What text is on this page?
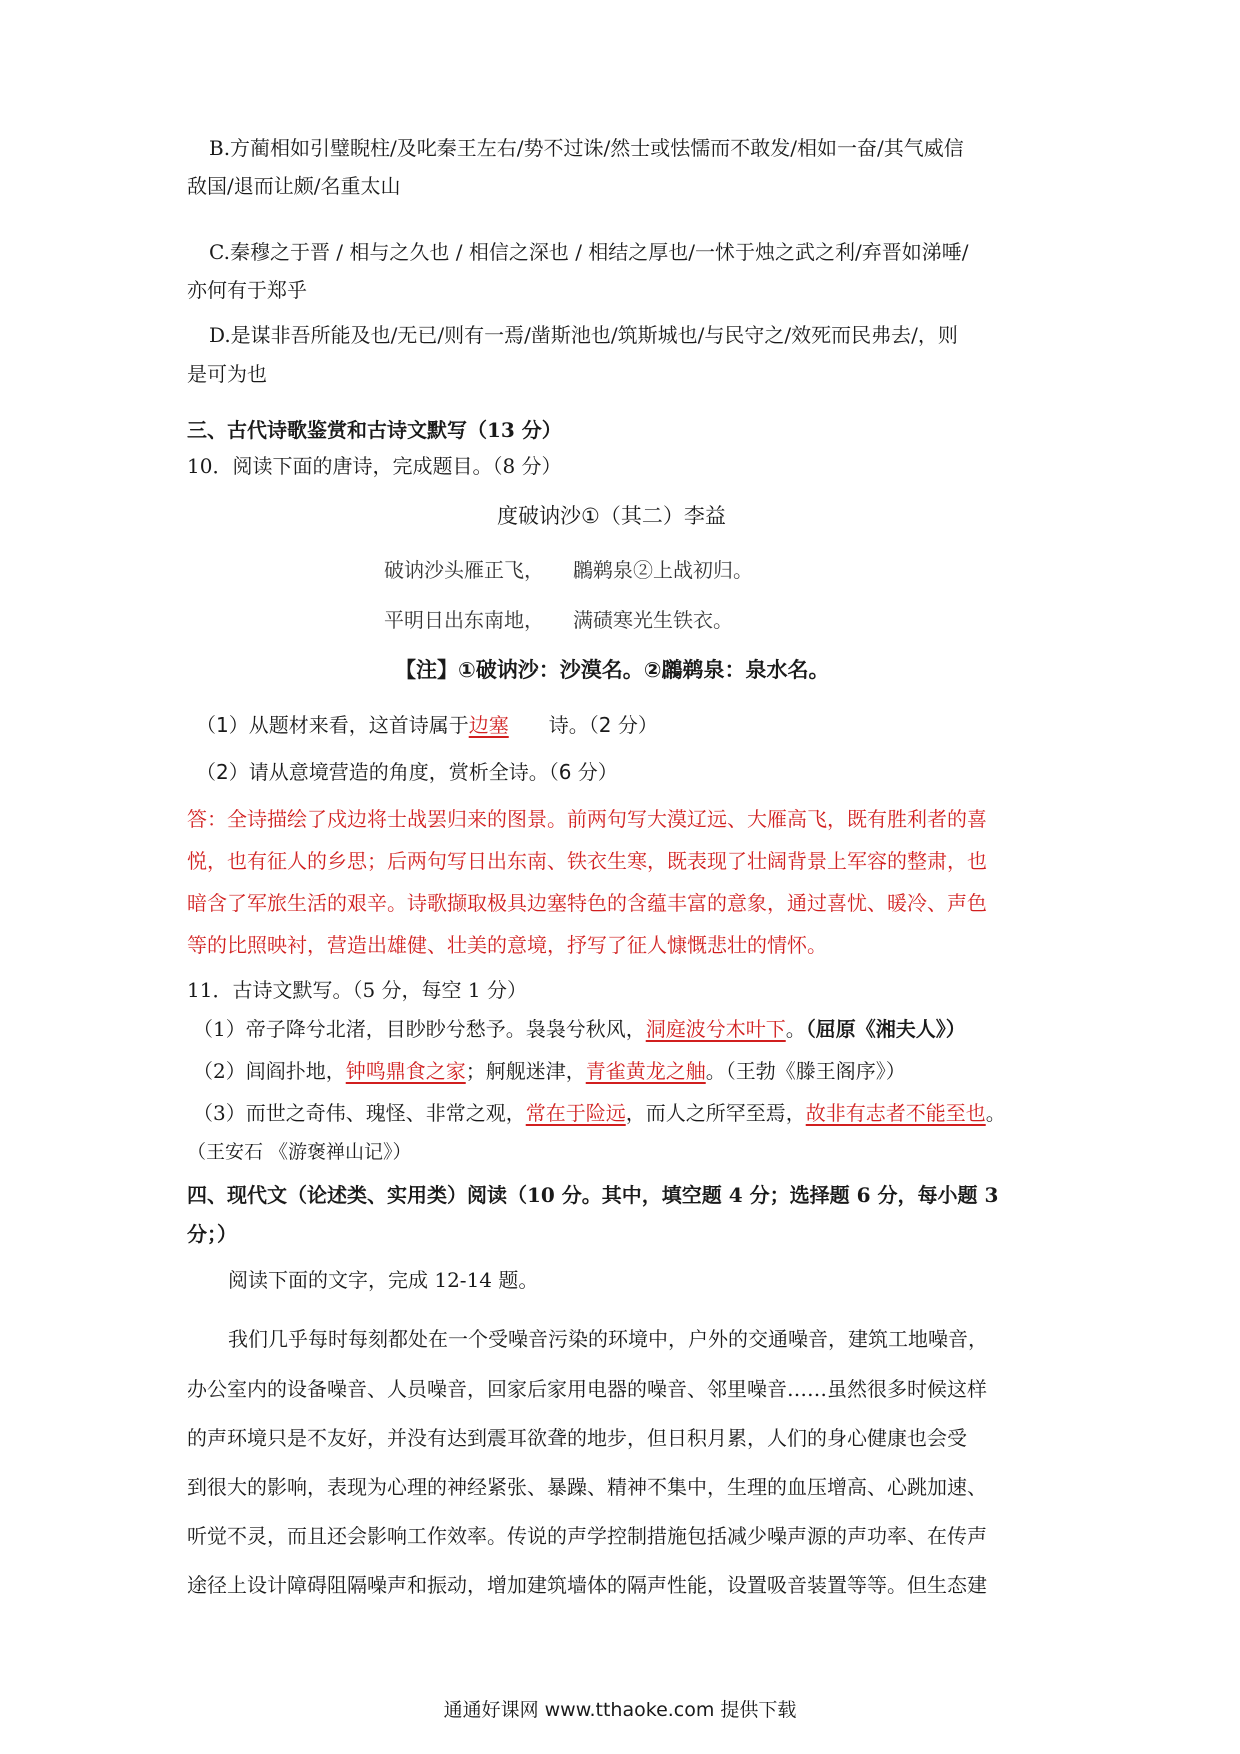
B.方蔺相如引璧睨柱/及叱秦王左右/势不过诛/然士或怯懦而不敢发/相如一奋/其气威信
敌国/退而让颇/名重太山
C.秦穆之于晋 / 相与之久也 / 相信之深也 / 相结之厚也/一怵于烛之武之利/弃晋如涕唾/
亦何有于郑乎
D.是谋非吾所能及也/无已/则有一焉/凿斯池也/筑斯城也/与民守之/效死而民弗去/，则
是可为也
三、古代诗歌鉴赏和古诗文默写（13 分）
10．阅读下面的唐诗，完成题目。（8 分）
度破讷沙①（其二）李益
破讷沙头雁正飞， 鸊鹈泉②上战初归。
平明日出东南地， 满碛寒光生铁衣。
【注】①破讷沙：沙漠名。②鸊鹈泉：泉水名。
（1）从题材来看，这首诗属于边塞 诗。（2 分）
（2）请从意境营造的角度，赏析全诗。（6 分）
答：全诗描绘了戍边将士战罢归来的图景。前两句写大漠辽远、大雁高飞，既有胜利者的喜
悦，也有征人的乡思；后两句写日出东南、铁衣生寒，既表现了壮阔背景上军容的整肃，也
暗含了军旅生活的艰辛。诗歌撷取极具边塞特色的含蕴丰富的意象，通过喜忧、暖冷、声色
等的比照映衬，营造出雄健、壮美的意境，抒写了征人慷慨悲壮的情怀。
11．古诗文默写。（5 分，每空 1 分）
（1）帝子降兮北渚，目眇眇兮愁予。袅袅兮秋风，洞庭波兮木叶下。（屈原《湘夫人》）
（2）闾阎扑地，钟鸣鼎食之家；舸舰迷津，青雀黄龙之舳。（王勃《滕王阁序》）
（3）而世之奇伟、瑰怪、非常之观，常在于险远，而人之所罕至焉，故非有志者不能至也。
（王安石 《游褒禅山记》）
四、现代文（论述类、实用类）阅读（10 分。其中，填空题 4 分；选择题 6 分，每小题 3
分；）
阅读下面的文字，完成 12-14 题。
我们几乎每时每刻都处在一个受噪音污染的环境中，户外的交通噪音，建筑工地噪音，
办公室内的设备噪音、人员噪音，回家后家用电器的噪音、邻里噪音……虽然很多时候这样
的声环境只是不友好，并没有达到震耳欲聋的地步，但日积月累，人们的身心健康也会受
到很大的影响，表现为心理的神经紧张、暴躁、精神不集中，生理的血压增高、心跳加速、
听觉不灵，而且还会影响工作效率。传说的声学控制措施包括减少噪声源的声功率、在传声
途径上设计障碍阻隔噪声和振动，增加建筑墙体的隔声性能，设置吸音装置等等。但生态建
通通好课网 www.tthaoke.com 提供下载
